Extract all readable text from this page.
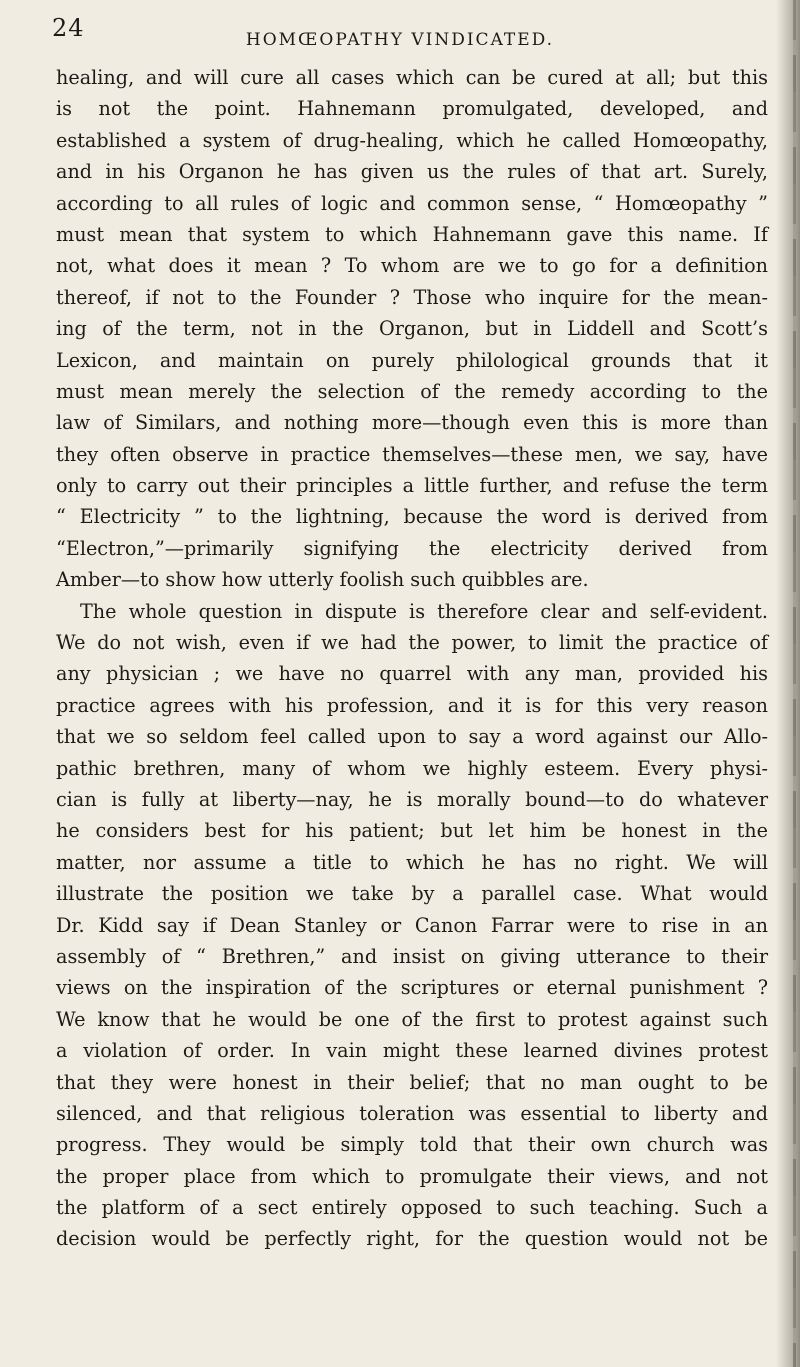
24	HOMŒOPATHY VINDICATED.
healing, and will cure all cases which can be cured at all; but this
is not the point. Hahnemann promulgated, developed, and
established a system of drug-healing, which he called Homœopathy,
and in his Organon he has given us the rules of that art. Surely,
according to all rules of logic and common sense, “ Homœopathy ”
must mean that system to which Hahnemann gave this name. If
not, what does it mean ? To whom are we to go for a definition
thereof, if not to the Founder ? Those who inquire for the mean-
ing of the term, not in the Organon, but in Liddell and Scott’s
Lexicon, and maintain on purely philological grounds that it
must mean merely the selection of the remedy according to the
law of Similars, and nothing more—though even this is more than
they often observe in practice themselves—these men, we say, have
only to carry out their principles a little further, and refuse the term
“ Electricity ” to the lightning, because the word is derived from
“Electron,”—primarily signifying the electricity derived from
Amber—to show how utterly foolish such quibbles are.
The whole question in dispute is therefore clear and self-evident.
We do not wish, even if we had the power, to limit the practice of
any physician ; we have no quarrel with any man, provided his
practice agrees with his profession, and it is for this very reason
that we so seldom feel called upon to say a word against our Allo-
pathic brethren, many of whom we highly esteem. Every physi-
cian is fully at liberty—nay, he is morally bound—to do whatever
he considers best for his patient; but let him be honest in the
matter, nor assume a title to which he has no right. We will
illustrate the position we take by a parallel case. What would
Dr. Kidd say if Dean Stanley or Canon Farrar were to rise in an
assembly of “ Brethren,” and insist on giving utterance to their
views on the inspiration of the scriptures or eternal punishment ?
We know that he would be one of the first to protest against such
a violation of order. In vain might these learned divines protest
that they were honest in their belief; that no man ought to be
silenced, and that religious toleration was essential to liberty and
progress. They would be simply told that their own church was
the proper place from which to promulgate their views, and not
the platform of a sect entirely opposed to such teaching. Such a
decision would be perfectly right, for the question would not be
